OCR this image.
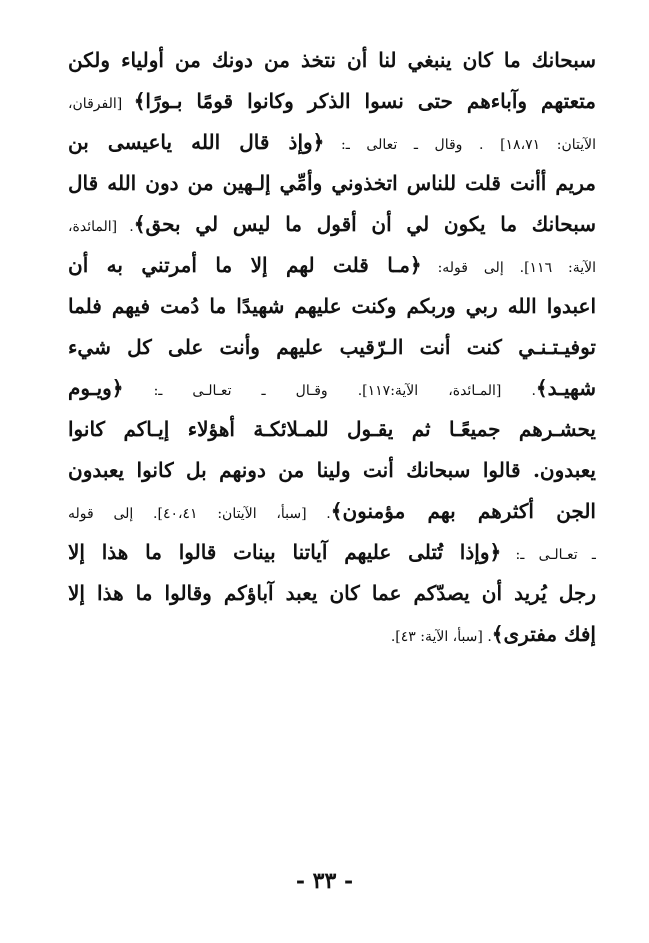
سبحانك ما كان ينبغي لنا أن نتخذ من دونك من أولياء ولكن
متعتهم وآباءهم حتى نسوا الذكر وكانوا قومًا بـورًا﴾ [الفرقان،
الآيتان: ١٨،٧١] . وقال ـ تعالى ـ: ﴿وإذ قال الله ياعيسى بن
مريم أأنت قلت للناس اتخذوني وأمِّي إلـهين من دون الله قال
سبحانك ما يكون لي أن أقول ما ليس لي بحق﴾. [المائدة،
الآية: ١١٦]. إلى قوله: ﴿مـا قلت لهم إلا ما أمرتني به أن
اعبدوا الله ربي وربكم وكنت عليهم شهيدًا ما دُمت فيهم فلما
توفيـتـنـي كنت أنت الـرّقيب عليهم وأنت على كل شيء
شهيـد﴾. [المـائدة، الآية:١١٧]. وقـال ـ تعـالـى ـ: ﴿ويـوم
يحشـرهم جميعًـا ثم يقـول للمـلائكـة أهؤلاء إيـاكم كانوا
يعبدون. قالوا سبحانك أنت ولينا من دونهم بل كانوا يعبدون
الجن أكثرهم بهم مؤمنون﴾. [سبأ، الآيتان: ٤٠،٤١]. إلى قوله
ـ تعـالـى ـ: ﴿وإذا تُتلى عليهم آياتنا بينات قالوا ما هذا إلا
رجل يُريد أن يصدّكم عما كان يعبد آباؤكم وقالوا ما هذا إلا
إفك مفترى﴾. [سبأ، الآية: ٤٣].
- ٣٣ -
